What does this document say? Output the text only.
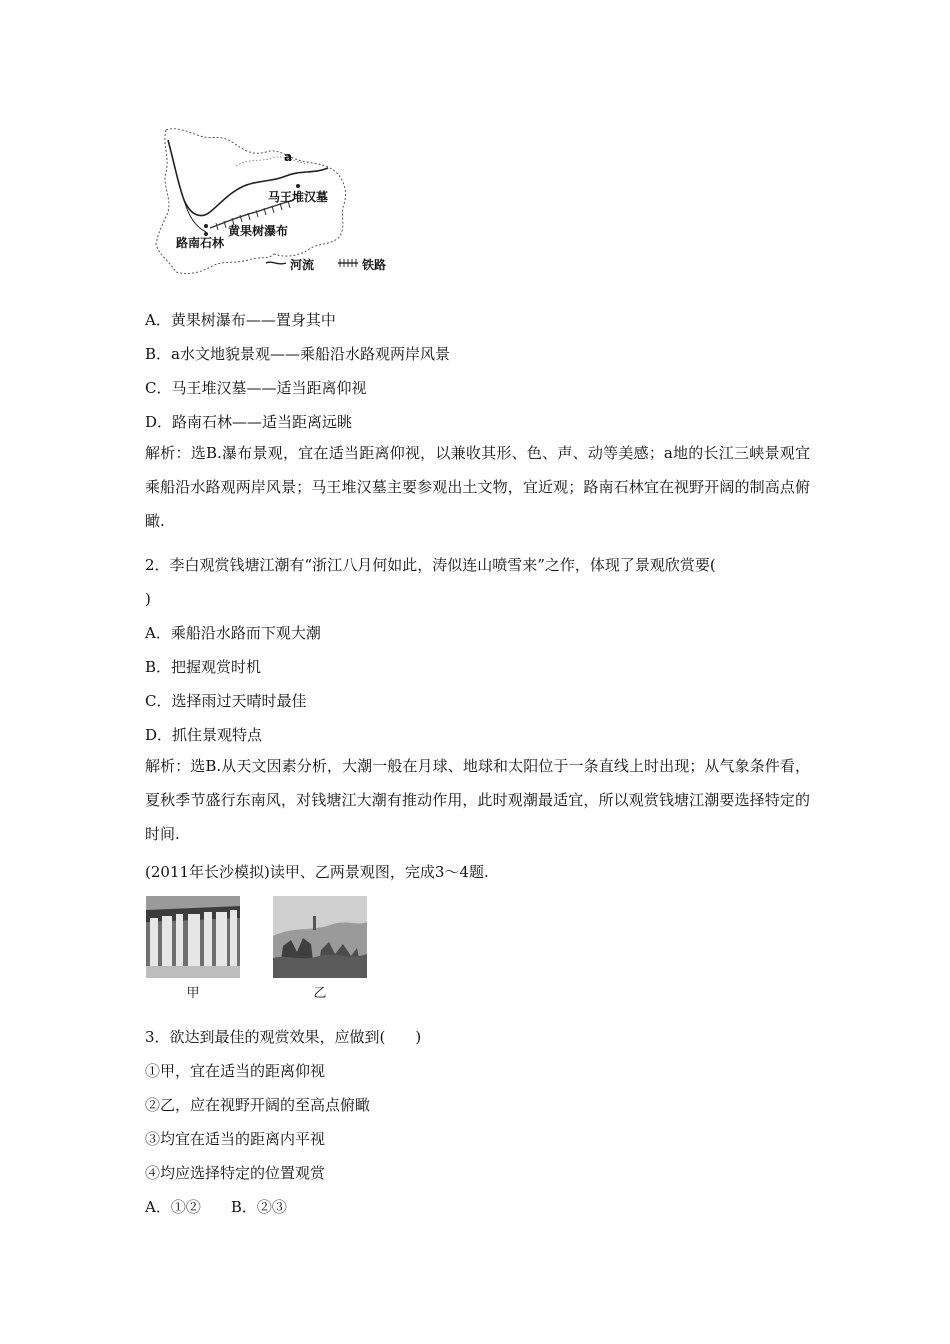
a
马王堆汉墓
黄果树瀑布
路南石林
河流	铁路
A．黄果树瀑布——置身其中
B．a水文地貌景观——乘船沿水路观两岸风景
C．马王堆汉墓——适当距离仰视
D．路南石林——适当距离远眺
解析：选B.瀑布景观，宜在适当距离仰视，以兼收其形、色、声、动等美感；a地的长江三峡景观宜乘船沿水路观两岸风景；马王堆汉墓主要参观出土文物，宜近观；路南石林宜在视野开阔的制高点俯瞰.
2．李白观赏钱塘江潮有“浙江八月何如此，涛似连山喷雪来”之作，体现了景观欣赏要(
)
A．乘船沿水路而下观大潮
B．把握观赏时机
C．选择雨过天晴时最佳
D．抓住景观特点
解析：选B.从天文因素分析，大潮一般在月球、地球和太阳位于一条直线上时出现；从气象条件看，夏秋季节盛行东南风，对钱塘江大潮有推动作用，此时观潮最适宜，所以观赏钱塘江潮要选择特定的时间.
(2011年长沙模拟)读甲、乙两景观图，完成3～4题.
甲	乙
3．欲达到最佳的观赏效果，应做到(　　)
①甲，宜在适当的距离仰视
②乙，应在视野开阔的至高点俯瞰
③均宜在适当的距离内平视
④均应选择特定的位置观赏
A．①②　　B．②③
